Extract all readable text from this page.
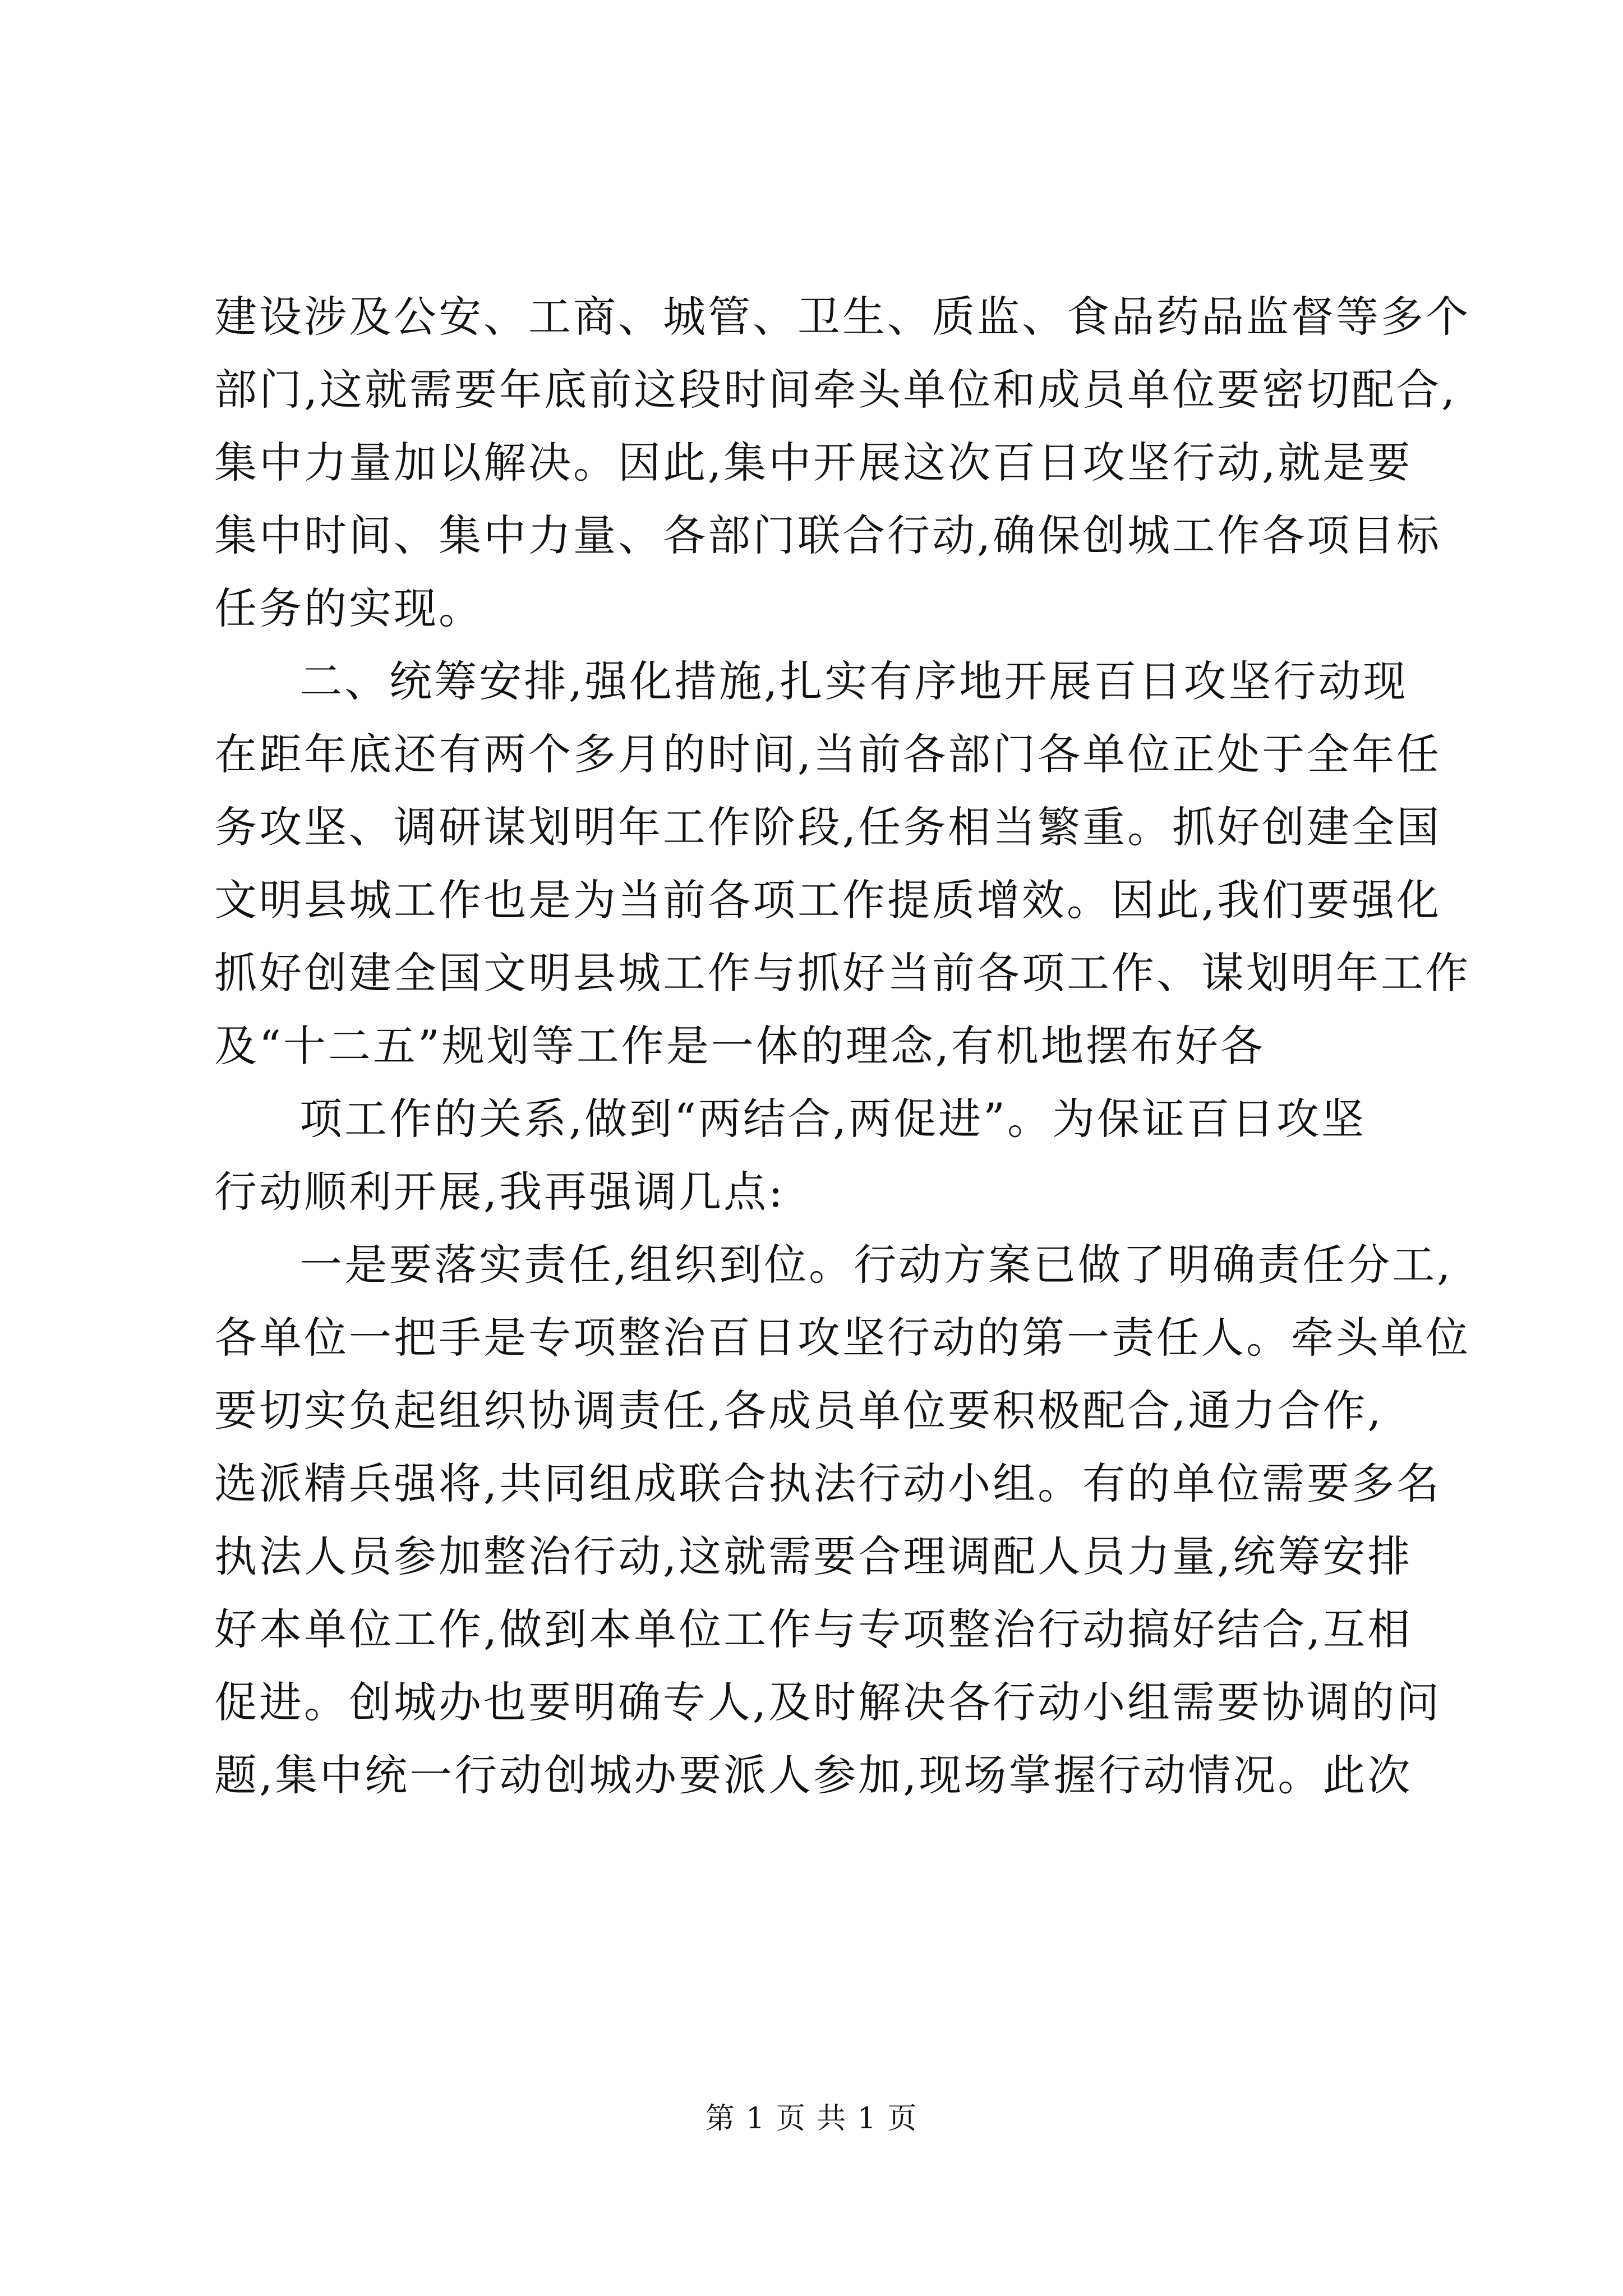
建设涉及公安、工商、城管、卫生、质监、食品药品监督等多个
部门,这就需要年底前这段时间牵头单位和成员单位要密切配合,
集中力量加以解决。因此,集中开展这次百日攻坚行动,就是要
集中时间、集中力量、各部门联合行动,确保创城工作各项目标
任务的实现。
二、统筹安排,强化措施,扎实有序地开展百日攻坚行动现
在距年底还有两个多月的时间,当前各部门各单位正处于全年任
务攻坚、调研谋划明年工作阶段,任务相当繁重。抓好创建全国
文明县城工作也是为当前各项工作提质增效。因此,我们要强化
抓好创建全国文明县城工作与抓好当前各项工作、谋划明年工作
及“十二五”规划等工作是一体的理念,有机地摆布好各
项工作的关系,做到“两结合,两促进”。为保证百日攻坚
行动顺利开展,我再强调几点:
一是要落实责任,组织到位。行动方案已做了明确责任分工,
各单位一把手是专项整治百日攻坚行动的第一责任人。牵头单位
要切实负起组织协调责任,各成员单位要积极配合,通力合作,
选派精兵强将,共同组成联合执法行动小组。有的单位需要多名
执法人员参加整治行动,这就需要合理调配人员力量,统筹安排
好本单位工作,做到本单位工作与专项整治行动搞好结合,互相
促进。创城办也要明确专人,及时解决各行动小组需要协调的问
题,集中统一行动创城办要派人参加,现场掌握行动情况。此次
第 1 页 共 1 页
